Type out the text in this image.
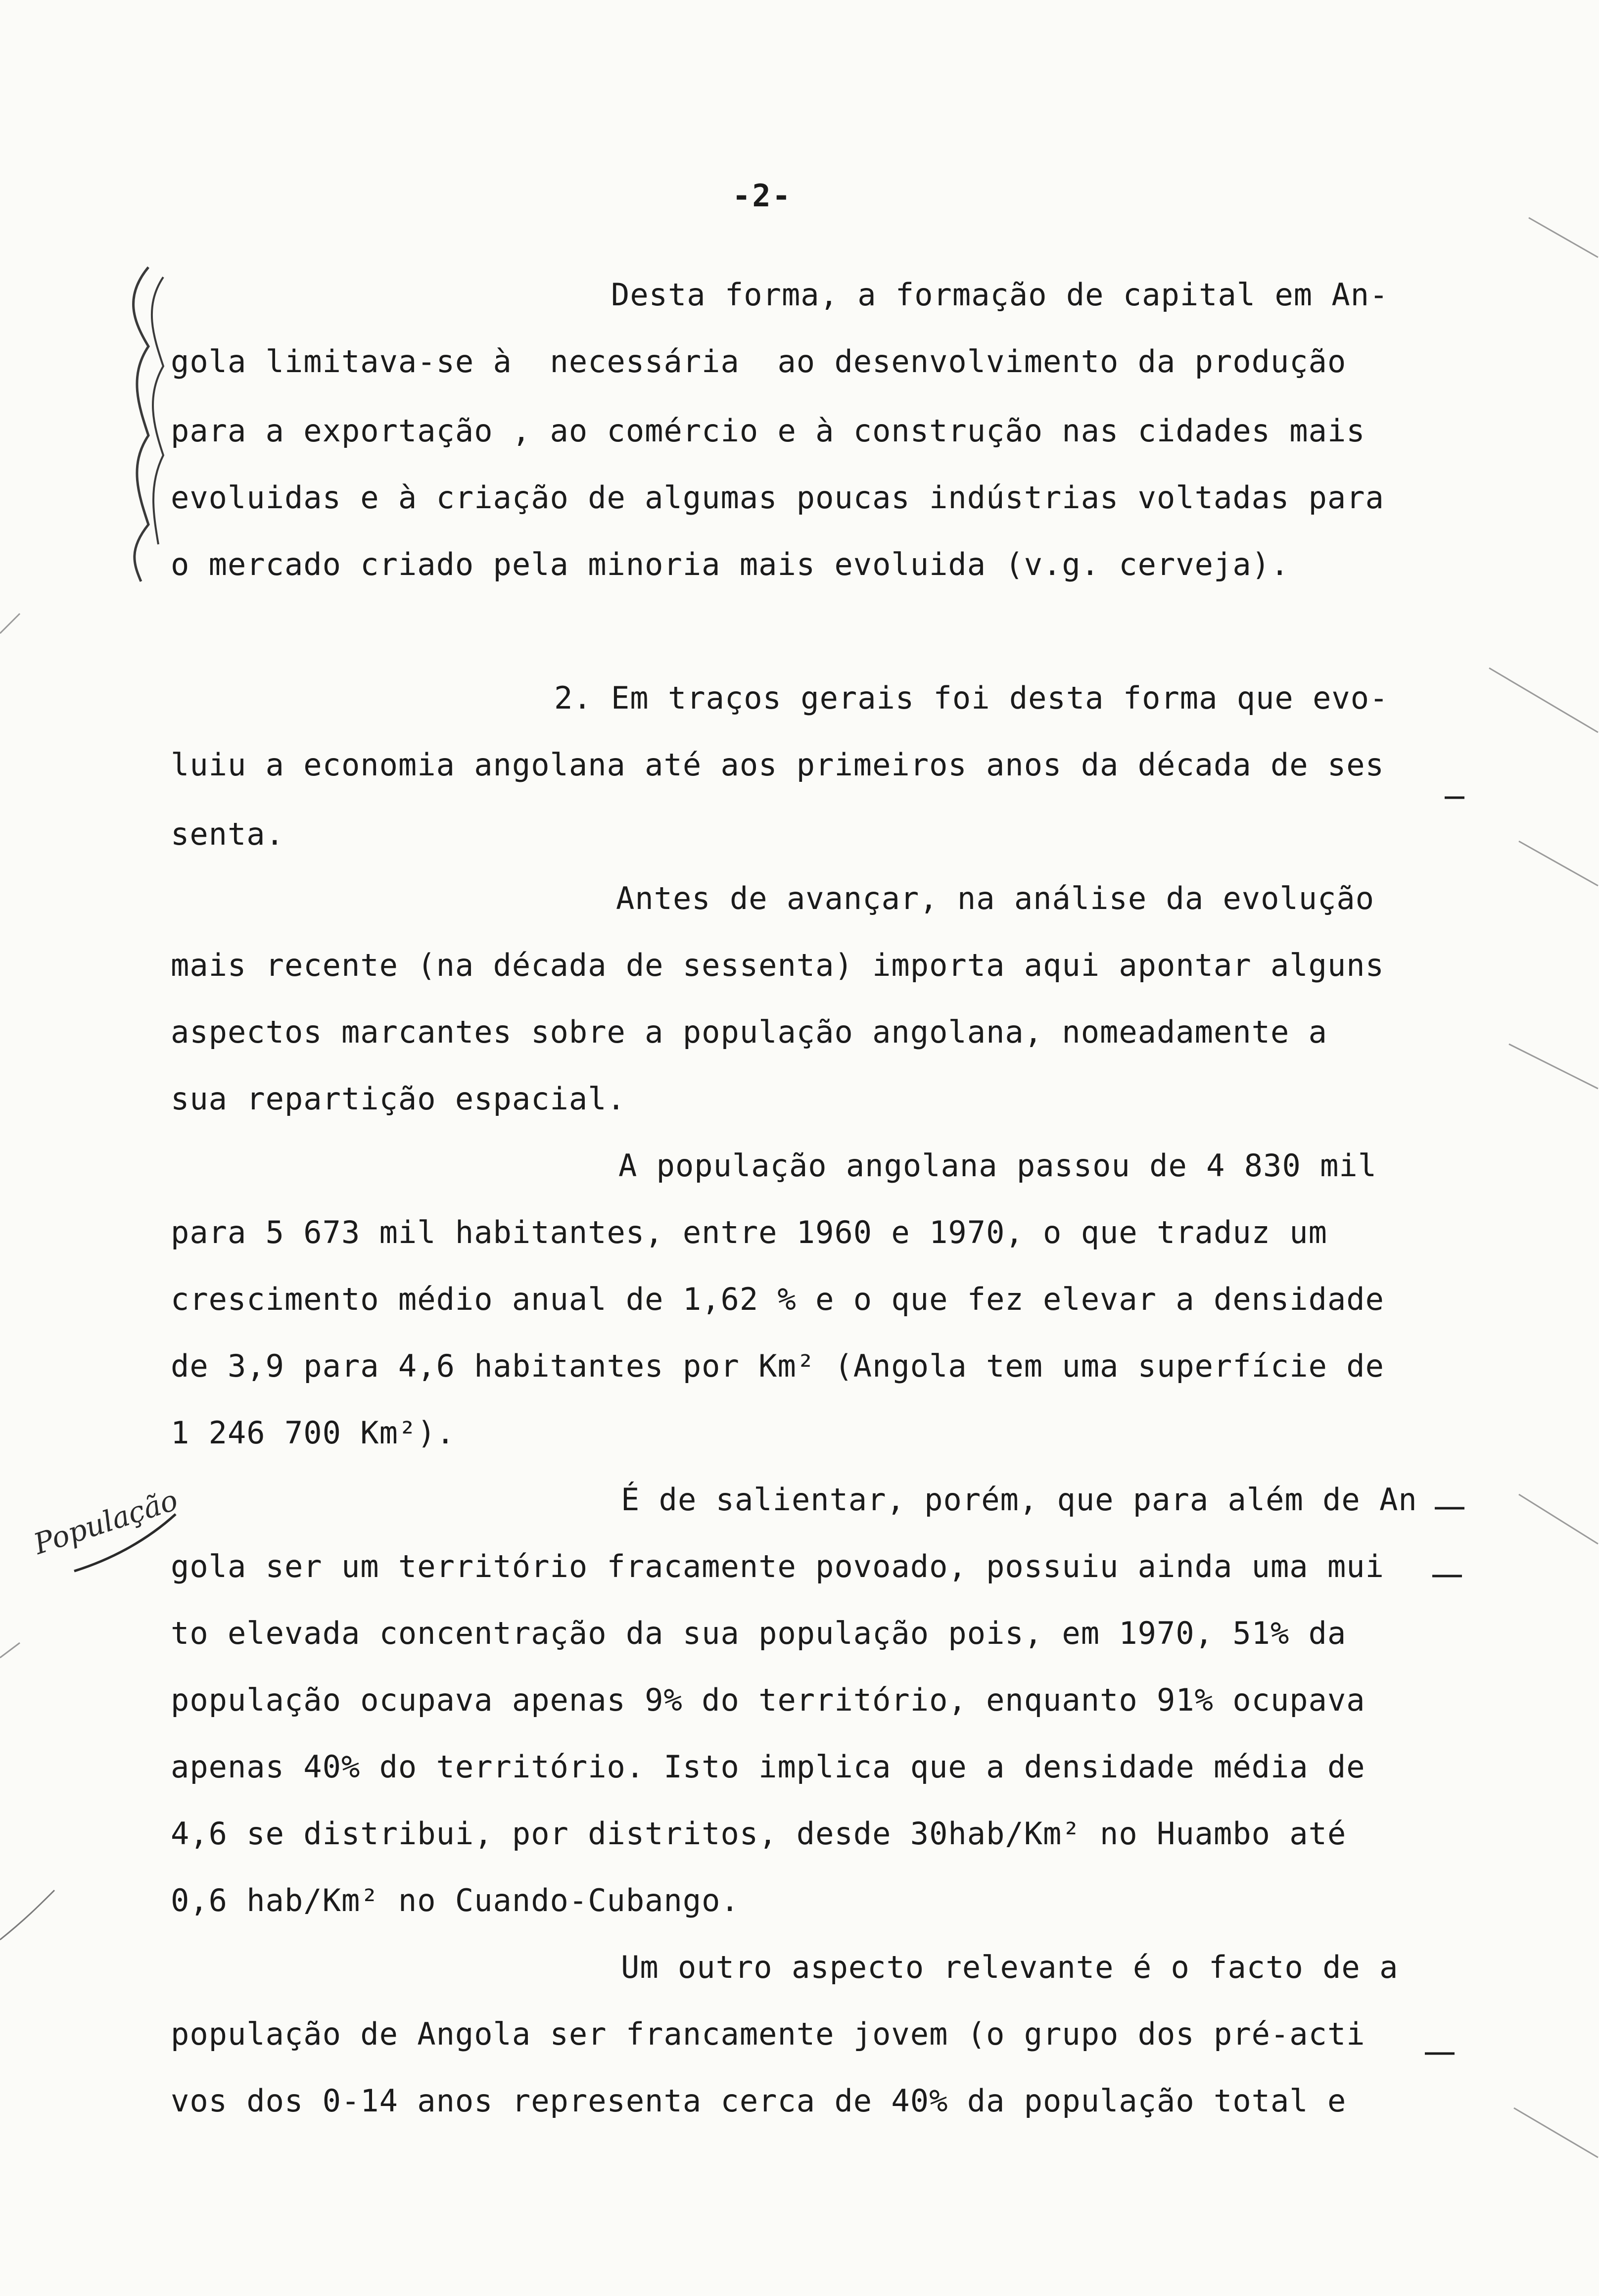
-2-
População
Desta forma, a formação de capital em An-
gola limitava-se à  necessária  ao desenvolvimento da produção
para a exportação , ao comércio e à construção nas cidades mais
evoluidas e à criação de algumas poucas indústrias voltadas para
o mercado criado pela minoria mais evoluida (v.g. cerveja).
2. Em traços gerais foi desta forma que evo-
luiu a economia angolana até aos primeiros anos da década de ses
senta.
Antes de avançar, na análise da evolução
mais recente (na década de sessenta) importa aqui apontar alguns
aspectos marcantes sobre a população angolana, nomeadamente a
sua repartição espacial.
A população angolana passou de 4 830 mil
para 5 673 mil habitantes, entre 1960 e 1970, o que traduz um
crescimento médio anual de 1,62 % e o que fez elevar a densidade
de 3,9 para 4,6 habitantes por Km² (Angola tem uma superfície de
1 246 700 Km²).
É de salientar, porém, que para além de An
gola ser um território fracamente povoado, possuiu ainda uma mui
to elevada concentração da sua população pois, em 1970, 51% da
população ocupava apenas 9% do território, enquanto 91% ocupava
apenas 40% do território. Isto implica que a densidade média de
4,6 se distribui, por distritos, desde 30hab/Km² no Huambo até
0,6 hab/Km² no Cuando-Cubango.
Um outro aspecto relevante é o facto de a
população de Angola ser francamente jovem (o grupo dos pré-acti
vos dos 0-14 anos representa cerca de 40% da população total e
